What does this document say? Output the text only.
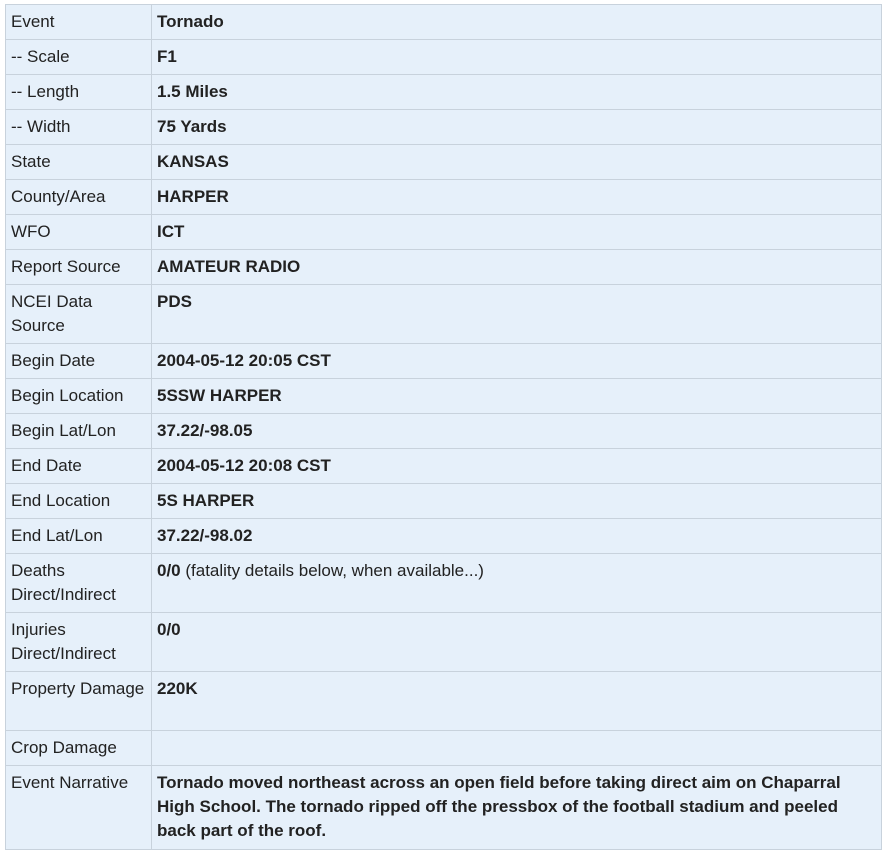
Event	Tornado
-- Scale	F1
-- Length	1.5 Miles
-- Width	75 Yards
State	KANSAS
County/Area	HARPER
WFO	ICT
Report Source	AMATEUR RADIO
NCEI Data Source	PDS
Begin Date	2004-05-12 20:05 CST
Begin Location	5SSW HARPER
Begin Lat/Lon	37.22/-98.05
End Date	2004-05-12 20:08 CST
End Location	5S HARPER
End Lat/Lon	37.22/-98.02
Deaths Direct/Indirect	0/0 (fatality details below, when available...)
Injuries Direct/Indirect	0/0
Property Damage	220K
Crop Damage	
Event Narrative	Tornado moved northeast across an open field before taking direct aim on Chaparral High School. The tornado ripped off the pressbox of the football stadium and peeled back part of the roof.
